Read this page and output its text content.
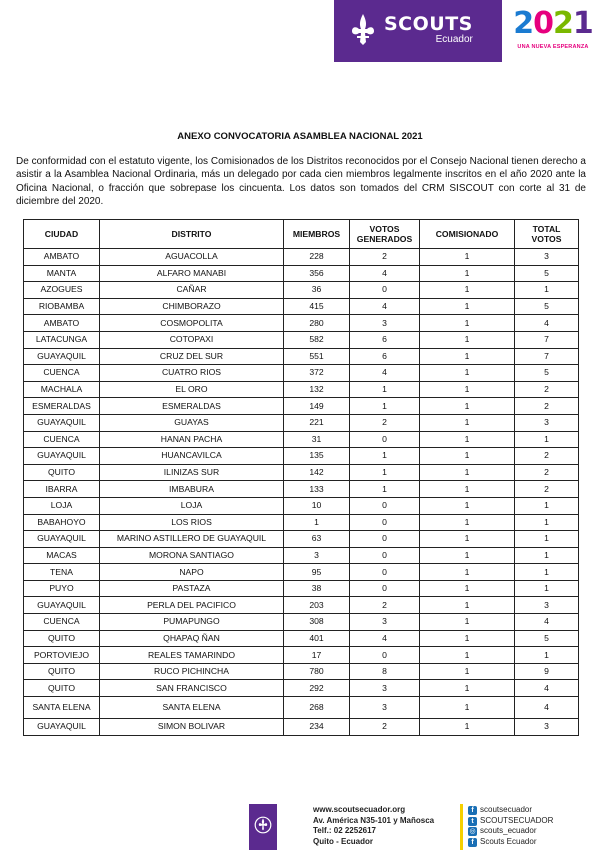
SCOUTS
Ecuador 2021
UNA NUEVA ESPERANZA
ANEXO CONVOCATORIA ASAMBLEA NACIONAL 2021
De conformidad con el estatuto vigente, los Comisionados de los Distritos reconocidos por el Consejo Nacional tienen derecho a asistir a la Asamblea Nacional Ordinaria, más un delegado por cada cien miembros legalmente inscritos en el año 2020 ante la Oficina Nacional, o fracción que sobrepase los cincuenta. Los datos son tomados del CRM SISCOUT con corte al 31 de diciembre del 2020.
CIUDAD	DISTRITO	MIEMBROS	VOTOS GENERADOS	COMISIONADO	TOTAL VOTOS
AMBATO	AGUACOLLA	228	2	1	3
MANTA	ALFARO MANABI	356	4	1	5
AZOGUES	CAÑAR	36	0	1	1
RIOBAMBA	CHIMBORAZO	415	4	1	5
AMBATO	COSMOPOLITA	280	3	1	4
LATACUNGA	COTOPAXI	582	6	1	7
GUAYAQUIL	CRUZ DEL SUR	551	6	1	7
CUENCA	CUATRO RIOS	372	4	1	5
MACHALA	EL ORO	132	1	1	2
ESMERALDAS	ESMERALDAS	149	1	1	2
GUAYAQUIL	GUAYAS	221	2	1	3
CUENCA	HANAN PACHA	31	0	1	1
GUAYAQUIL	HUANCAVILCA	135	1	1	2
QUITO	ILINIZAS SUR	142	1	1	2
IBARRA	IMBABURA	133	1	1	2
LOJA	LOJA	10	0	1	1
BABAHOYO	LOS RIOS	1	0	1	1
GUAYAQUIL	MARINO ASTILLERO DE GUAYAQUIL	63	0	1	1
MACAS	MORONA SANTIAGO	3	0	1	1
TENA	NAPO	95	0	1	1
PUYO	PASTAZA	38	0	1	1
GUAYAQUIL	PERLA DEL PACIFICO	203	2	1	3
CUENCA	PUMAPUNGO	308	3	1	4
QUITO	QHAPAQ ÑAN	401	4	1	5
PORTOVIEJO	REALES TAMARINDO	17	0	1	1
QUITO	RUCO PICHINCHA	780	8	1	9
QUITO	SAN FRANCISCO	292	3	1	4
SANTA ELENA	SANTA ELENA	268	3	1	4
GUAYAQUIL	SIMON BOLIVAR	234	2	1	3
www.scoutsecuador.org
Av. América N35-101 y Mañosca
Telf.: 02 2252617
Quito - Ecuador
f scoutsecuador
t SCOUTSECUADOR
◎ scouts_ecuador
f Scouts Ecuador
